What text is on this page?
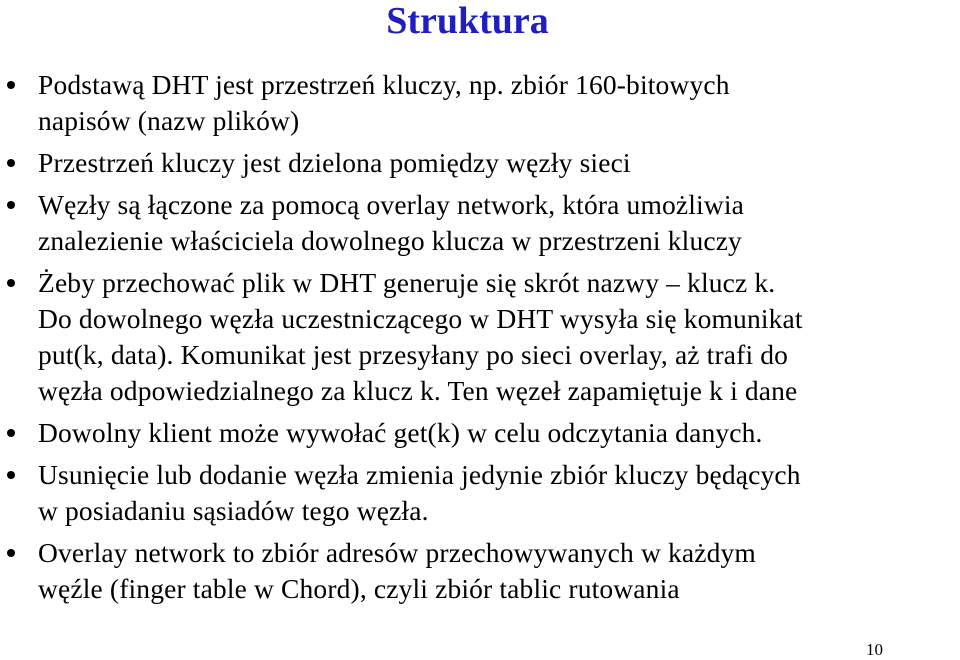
Struktura
Podstawą DHT jest przestrzeń kluczy, np. zbiór 160-bitowych
napisów (nazw plików)
Przestrzeń kluczy jest dzielona pomiędzy węzły sieci
Węzły są łączone za pomocą overlay network, która umożliwia
znalezienie właściciela dowolnego klucza w przestrzeni kluczy
Żeby przechować plik w DHT generuje się skrót nazwy – klucz k.
Do dowolnego węzła uczestniczącego w DHT wysyła się komunikat
put(k, data). Komunikat jest przesyłany po sieci overlay, aż trafi do
węzła odpowiedzialnego za klucz k. Ten węzeł zapamiętuje k i dane
Dowolny klient może wywołać get(k) w celu odczytania danych.
Usunięcie lub dodanie węzła zmienia jedynie zbiór kluczy będących
w posiadaniu sąsiadów tego węzła.
Overlay network to zbiór adresów przechowywanych w każdym
węźle (finger table w Chord), czyli zbiór tablic rutowania
10
